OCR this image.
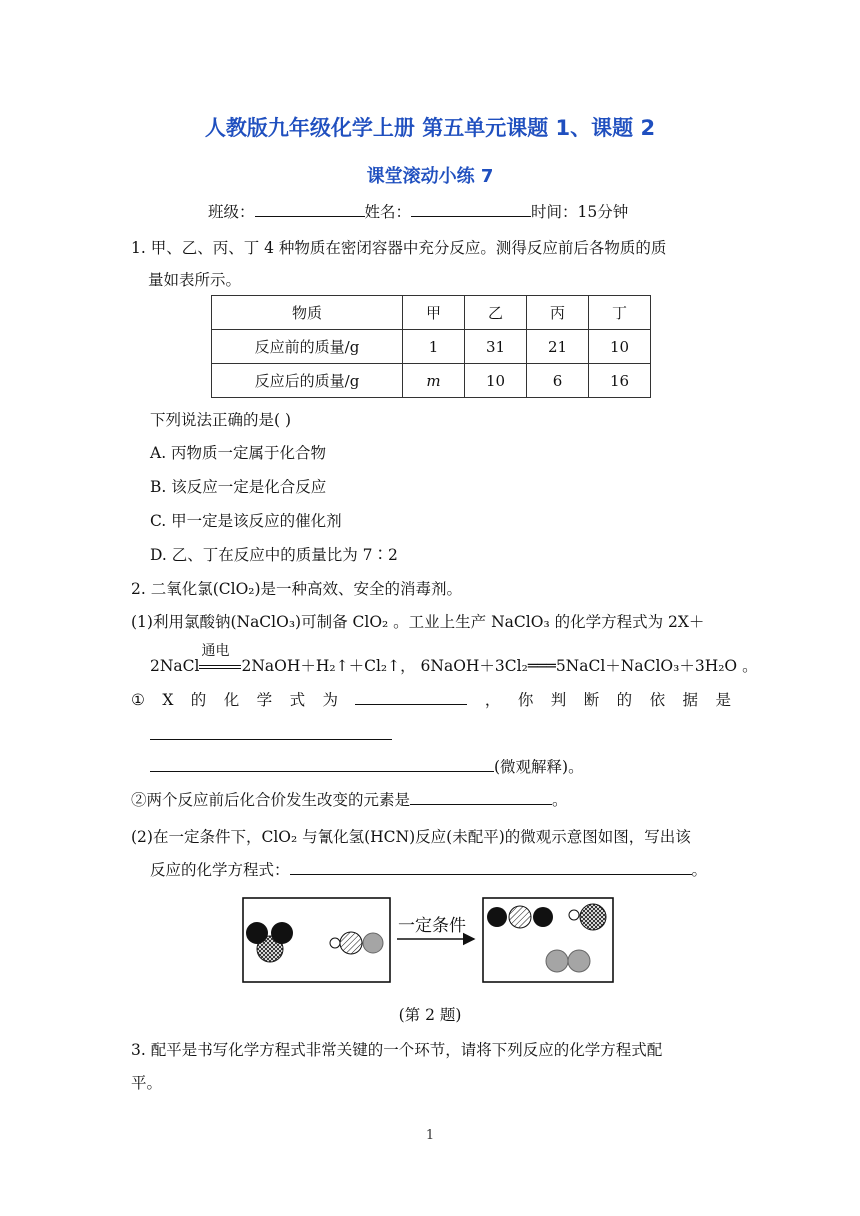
人教版九年级化学上册 第五单元课题 1、课题 2
课堂滚动小练 7
班级：	姓名：	时间：15分钟
1. 甲、乙、丙、丁 4 种物质在密闭容器中充分反应。测得反应前后各物质的质
量如表所示。
物质	甲	乙	丙	丁
反应前的质量/g	1	31	21	10
反应后的质量/g	m	10	6	16
下列说法正确的是( )
A. 丙物质一定属于化合物
B. 该反应一定是化合反应
C. 甲一定是该反应的催化剂
D. 乙、丁在反应中的质量比为 7∶2
2. 二氧化氯(ClO₂)是一种高效、安全的消毒剂。
(1)利用氯酸钠(NaClO₃)可制备 ClO₂ 。工业上生产 NaClO₃ 的化学方程式为 2X＋
2NaCl
通电
2NaOH＋H₂↑＋Cl₂↑， 6NaOH＋3Cl₂═══5NaCl＋NaClO₃＋3H₂O 。
① X 的 化 学 式 为	， 你 判 断 的 依 据 是
(微观解释)。
②两个反应前后化合价发生改变的元素是	。
(2)在一定条件下，ClO₂ 与氰化氢(HCN)反应(未配平)的微观示意图如图，写出该
反应的化学方程式：	。
一定条件
(第 2 题)
3. 配平是书写化学方程式非常关键的一个环节，请将下列反应的化学方程式配
平。
1
